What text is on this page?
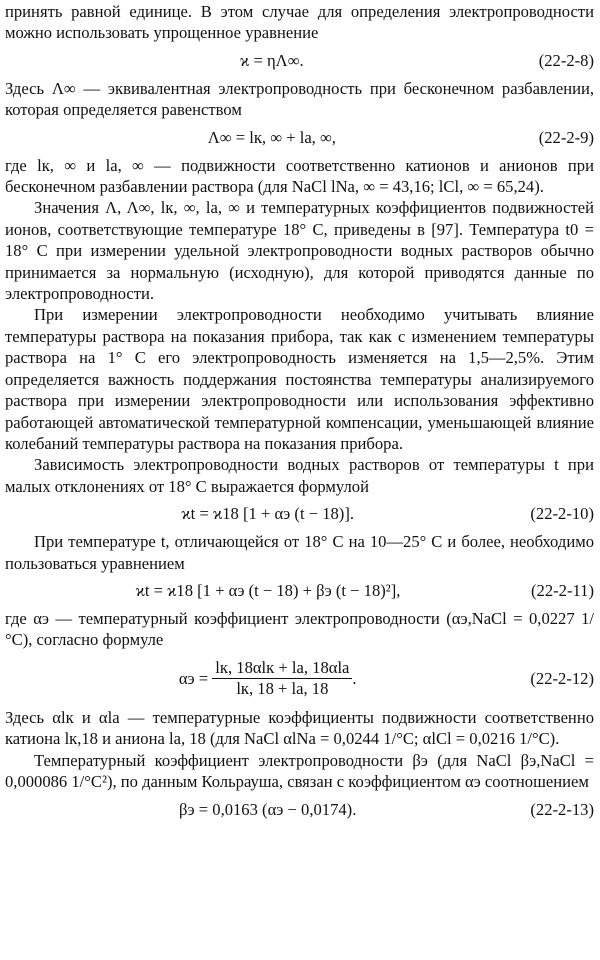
принять равной единице. В этом случае для определения электропроводности можно использовать упрощенное уравнение

ϰ = ηΛ∞.	(22-2-8)

Здесь Λ∞ — эквивалентная электропроводность при бесконечном разбавлении, которая определяется равенством

Λ∞ = lк, ∞ + lа, ∞,	(22-2-9)

где lк, ∞ и lа, ∞ — подвижности соответственно катионов и анионов при бесконечном разбавлении раствора (для NaCl lNa, ∞ = 43,16; lCl, ∞ = 65,24).

Значения Λ, Λ∞, lк, ∞, lа, ∞ и температурных коэффициентов подвижностей ионов, соответствующие температуре 18° С, приведены в [97]. Температура t0 = 18° С при измерении удельной электропроводности водных растворов обычно принимается за нормальную (исходную), для которой приводятся данные по электропроводности.

При измерении электропроводности необходимо учитывать влияние температуры раствора на показания прибора, так как с изменением температуры раствора на 1° С его электропроводность изменяется на 1,5—2,5%. Этим определяется важность поддержания постоянства температуры анализируемого раствора при измерении электропроводности или использования эффективно работающей автоматической температурной компенсации, уменьшающей влияние колебаний температуры раствора на показания прибора.

Зависимость электропроводности водных растворов от температуры t при малых отклонениях от 18° С выражается формулой

ϰt = ϰ18 [1 + αэ (t − 18)].	(22-2-10)

При температуре t, отличающейся от 18° С на 10—25° С и более, необходимо пользоваться уравнением

ϰt = ϰ18 [1 + αэ (t − 18) + βэ (t − 18)²],	(22-2-11)

где αэ — температурный коэффициент электропроводности (αэ,NaCl = 0,0227 1/°С), согласно формуле

$\alpha э = \frac{\text{lк, 18αlк + lа, 18αlа}}{lк, 18 + lа, 18}$ .	(22-2-12)

Здесь αlк и αlа — температурные коэффициенты подвижности соответственно катиона lк,18 и аниона lа, 18 (для NaCl αlNa = 0,0244 1/°С; αlCl = 0,0216 1/°С).

Температурный коэффициент электропроводности βэ (для NaCl βэ,NaCl = 0,000086 1/°С²), по данным Кольрауша, связан с коэффициентом αэ соотношением

βэ = 0,0163 (αэ − 0,0174).	(22-2-13)
